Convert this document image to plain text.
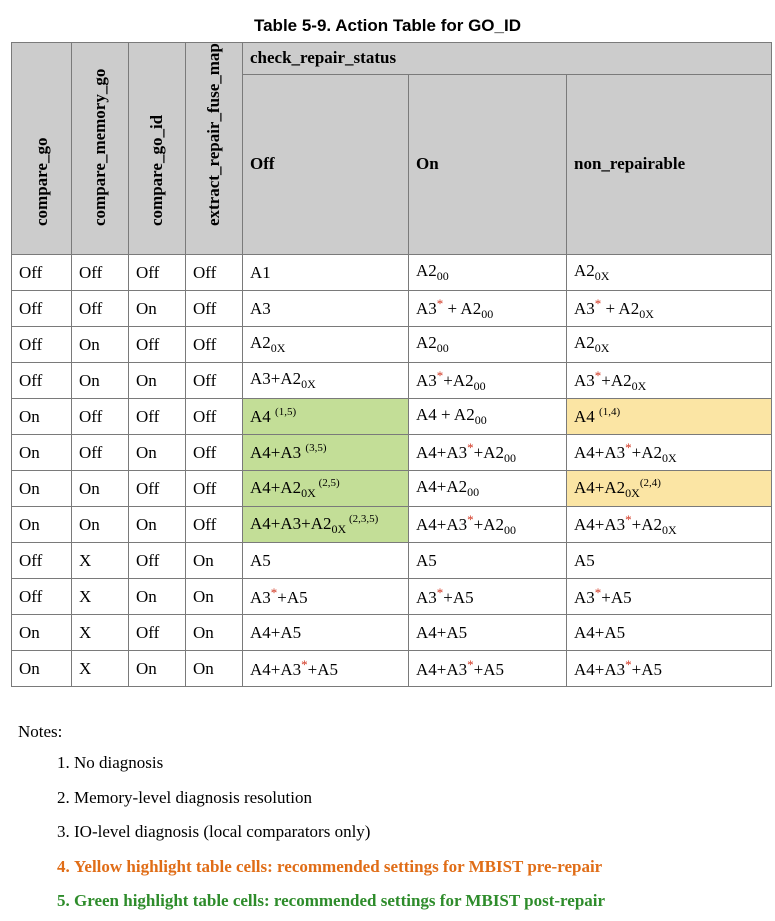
Table 5-9. Action Table for GO_ID
compare_go	compare_memory_go	compare_go_id	extract_repair_fuse_map	check_repair_status		
				Off	On	non_repairable
Off	Off	Off	Off	A1	$A2_{00}$	$A2_{0X}$
Off	Off	On	Off	A3	$A3^* + A2_{00}$	$A3^* + A2_{0X}$
Off	On	Off	Off	$A2_{0X}$	$A2_{00}$	$A2_{0X}$
Off	On	On	Off	$A3+A2_{0X}$	$A3^*+A2_{00}$	$A3^*+A2_{0X}$
On	Off	Off	Off	A4 $^{(1,5)}$	$A4 + A2_{00}$	A4 $^{(1,4)}$
On	Off	On	Off	A4+A3 $^{(3,5)}$	$A4+A3^*+A2_{00}$	$A4+A3^*+A2_{0X}$
On	On	Off	Off	$A4+A2_{0X}$ $^{(2,5)}$	$A4+A2_{00}$	$A4+A2_{0X}^{(2,4)}$
On	On	On	Off	$A4+A3+A2_{0X}$ $^{(2,3,5)}$	$A4+A3^*+A2_{00}$	$A4+A3^*+A2_{0X}$
Off	X	Off	On	A5	A5	A5
Off	X	On	On	A3*+A5	A3*+A5	A3*+A5
On	X	Off	On	A4+A5	A4+A5	A4+A5
On	X	On	On	A4+A3*+A5	A4+A3*+A5	A4+A3*+A5
Notes:
1. No diagnosis
2. Memory-level diagnosis resolution
3. IO-level diagnosis (local comparators only)
4. Yellow highlight table cells: recommended settings for MBIST pre-repair
5. Green highlight table cells: recommended settings for MBIST post-repair
